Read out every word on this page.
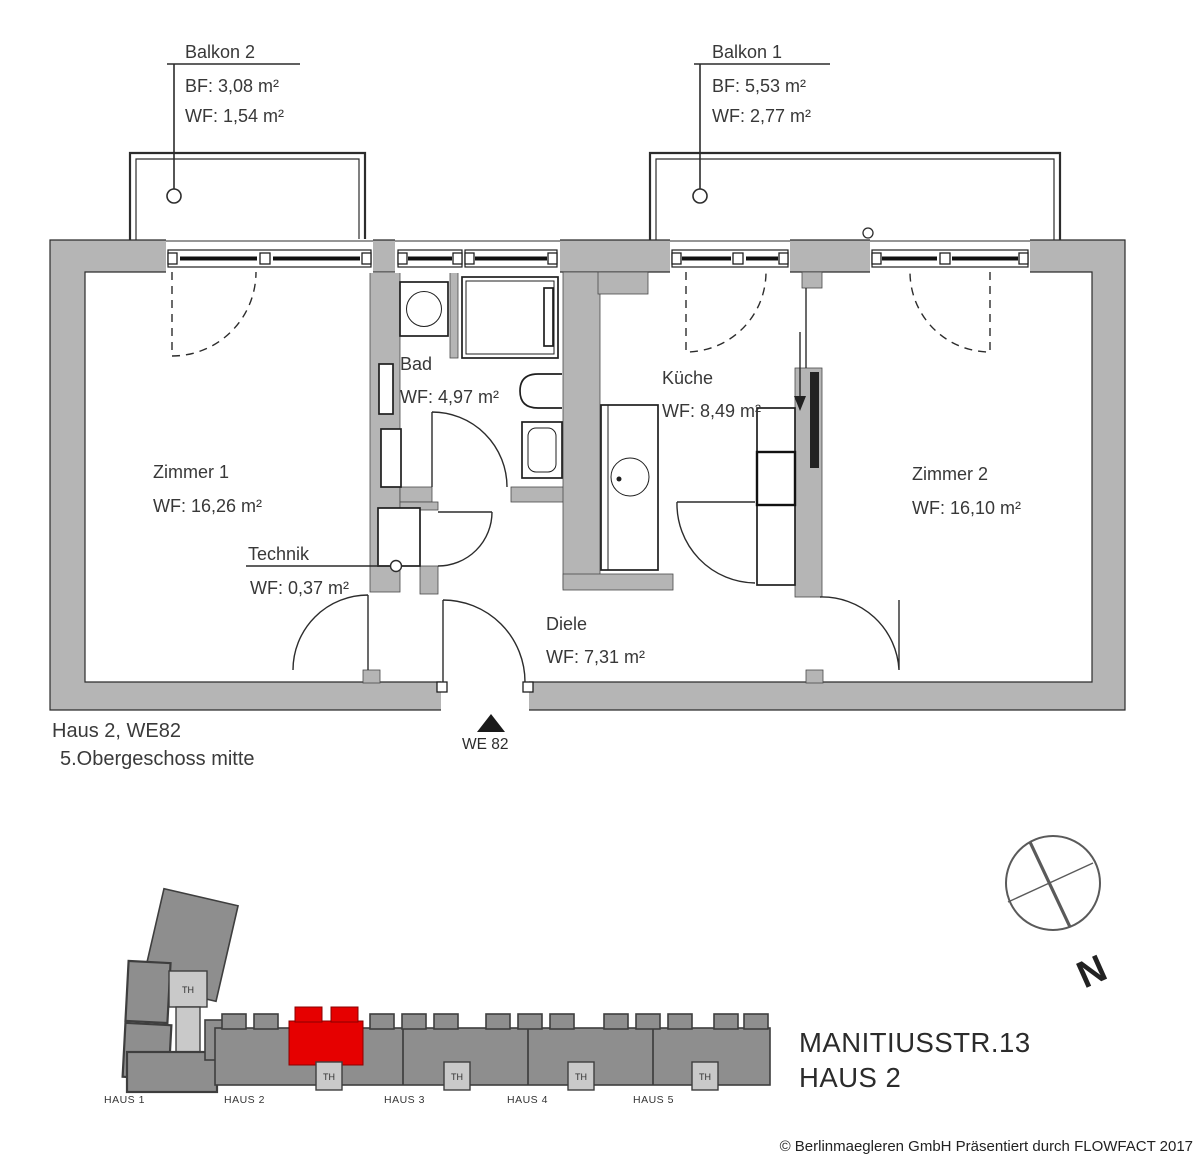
Balkon 2
BF: 3,08 m²
WF: 1,54 m²
Balkon 1
BF: 5,53 m²
WF: 2,77 m²
Zimmer 1
WF: 16,26 m²
Bad
WF: 4,97 m²
Küche
WF: 8,49 m²
Zimmer 2
WF: 16,10 m²
Technik
WF: 0,37 m²
Diele
WF: 7,31 m²
WE 82
Haus 2, WE82
5.Obergeschoss mitte
TH
TH	TH	TH	TH
HAUS 1	HAUS 2	HAUS 3	HAUS 4	HAUS 5
N
MANITIUSSTR.13
HAUS 2
© Berlinmaegleren GmbH Präsentiert durch FLOWFACT 2017
